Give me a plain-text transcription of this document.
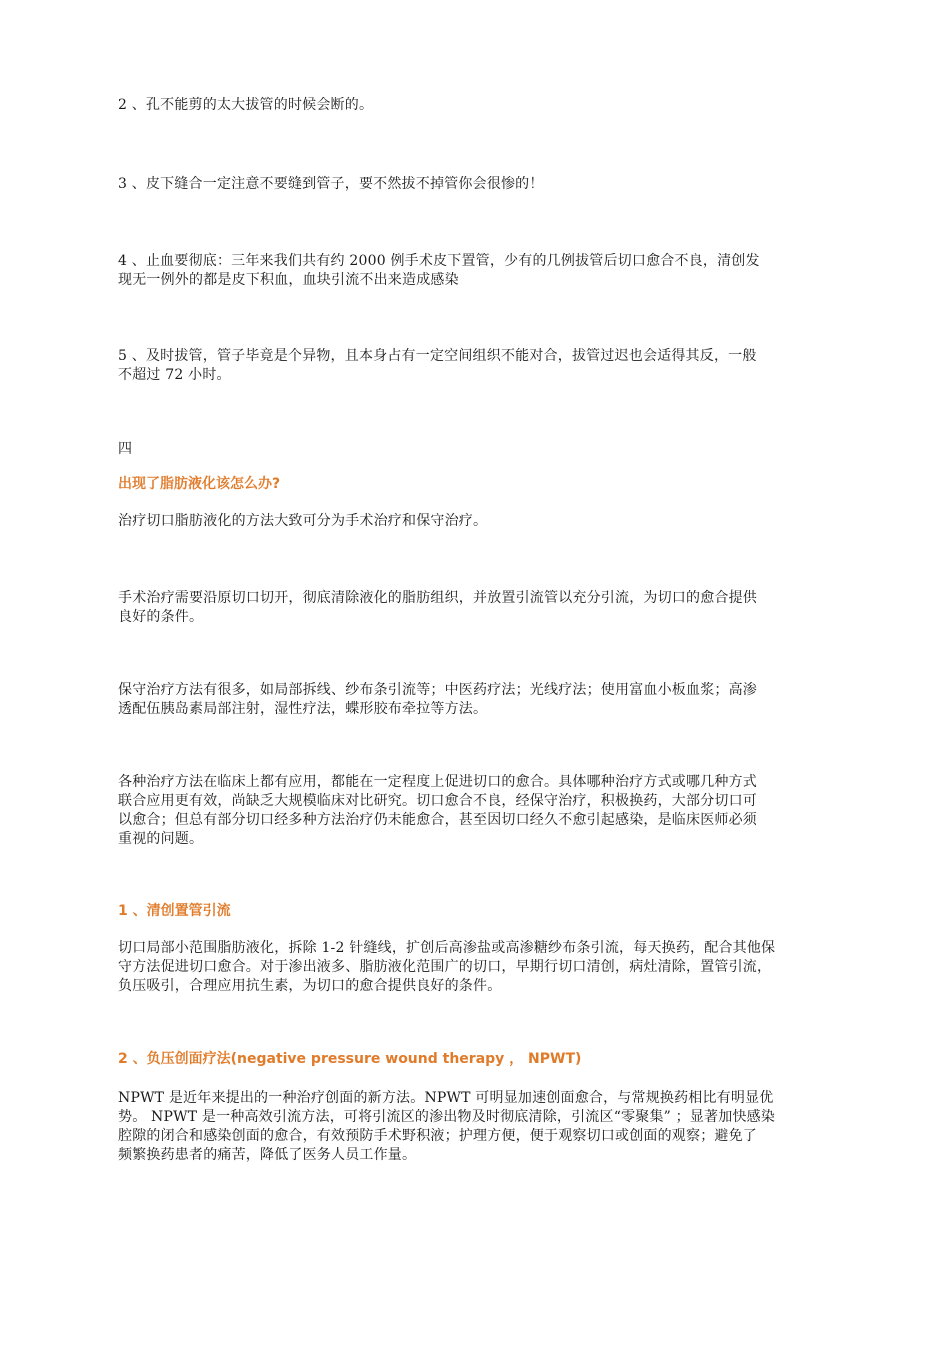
2 、孔不能剪的太大拔管的时候会断的。

3 、皮下缝合一定注意不要缝到管子，要不然拔不掉管你会很惨的！

4 、止血要彻底：三年来我们共有约 2000 例手术皮下置管，少有的几例拔管后切口愈合不良，清创发
现无一例外的都是皮下积血，血块引流不出来造成感染

5 、及时拔管，管子毕竟是个异物，且本身占有一定空间组织不能对合，拔管过迟也会适得其反，一般
不超过 72 小时。

四

出现了脂肪液化该怎么办?

治疗切口脂肪液化的方法大致可分为手术治疗和保守治疗。

手术治疗需要沿原切口切开，彻底清除液化的脂肪组织，并放置引流管以充分引流，为切口的愈合提供
良好的条件。

保守治疗方法有很多，如局部拆线、纱布条引流等；中医药疗法；光线疗法；使用富血小板血浆；高渗
透配伍胰岛素局部注射，湿性疗法，蝶形胶布牵拉等方法。

各种治疗方法在临床上都有应用，都能在一定程度上促进切口的愈合。具体哪种治疗方式或哪几种方式
联合应用更有效，尚缺乏大规模临床对比研究。切口愈合不良，经保守治疗，积极换药，大部分切口可
以愈合；但总有部分切口经多种方法治疗仍未能愈合，甚至因切口经久不愈引起感染，是临床医师必须
重视的问题。

1 、清创置管引流

切口局部小范围脂肪液化，拆除 1-2 针缝线，扩创后高渗盐或高渗糖纱布条引流，每天换药，配合其他保
守方法促进切口愈合。对于渗出液多、脂肪液化范围广的切口，早期行切口清创，病灶清除，置管引流，
负压吸引，合理应用抗生素，为切口的愈合提供良好的条件。

2 、负压创面疗法(negative pressure wound therapy ， NPWT)

NPWT 是近年来提出的一种治疗创面的新方法。NPWT 可明显加速创面愈合，与常规换药相比有明显优
势。 NPWT 是一种高效引流方法，可将引流区的渗出物及时彻底清除，引流区“零聚集” ；显著加快感染
腔隙的闭合和感染创面的愈合，有效预防手术野积液；护理方便，便于观察切口或创面的观察；避免了
频繁换药患者的痛苦，降低了医务人员工作量。
